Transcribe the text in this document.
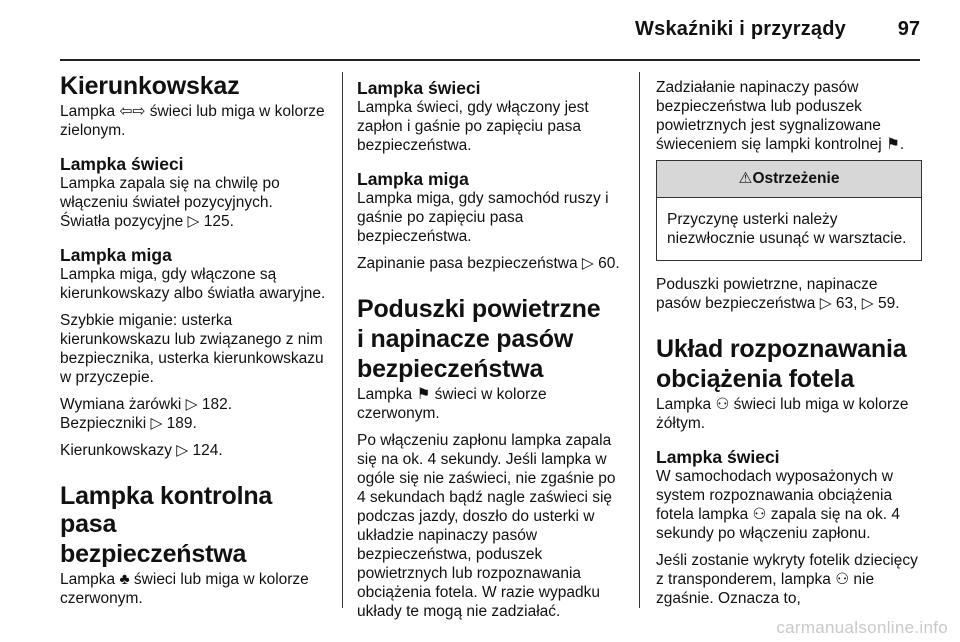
Wskaźniki i przyrządy	97
Kierunkowskaz

Lampka ⇦⇨ świeci lub miga w kolorze zielonym.

Lampka świeci

Lampka zapala się na chwilę po włączeniu świateł pozycyjnych. Światła pozycyjne ▷ 125.

Lampka miga

Lampka miga, gdy włączone są kierunkowskazy albo światła awaryjne.

Szybkie miganie: usterka kierunkowskazu lub związanego z nim bezpiecznika, usterka kierunkowskazu w przyczepie.

Wymiana żarówki ▷ 182.

Bezpieczniki ▷ 189.

Kierunkowskazy ▷ 124.

Lampka kontrolna pasa
bezpieczeństwa

Lampka ♣ świeci lub miga w kolorze czerwonym.

Lampka świeci

Lampka świeci, gdy włączony jest zapłon i gaśnie po zapięciu pasa bezpieczeństwa.

Lampka miga

Lampka miga, gdy samochód ruszy i gaśnie po zapięciu pasa bezpieczeństwa.

Zapinanie pasa bezpieczeństwa ▷ 60.

Poduszki powietrzne
i napinacze pasów
bezpieczeństwa

Lampka ⚑ świeci w kolorze czerwonym.

Po włączeniu zapłonu lampka zapala się na ok. 4 sekundy. Jeśli lampka w ogóle się nie zaświeci, nie zgaśnie po 4 sekundach bądź nagle zaświeci się podczas jazdy, doszło do usterki w układzie napinaczy pasów bezpieczeństwa, poduszek powietrznych lub rozpoznawania obciążenia fotela. W razie wypadku układy te mogą nie zadziałać.

Zadziałanie napinaczy pasów bezpieczeństwa lub poduszek powietrznych jest sygnalizowane świeceniem się lampki kontrolnej ⚑.

⚠Ostrzeżenie

Przyczynę usterki należy niezwłocznie usunąć w warsztacie.

Poduszki powietrzne, napinacze pasów bezpieczeństwa ▷ 63, ▷ 59.

Układ rozpoznawania
obciążenia fotela

Lampka ⚇ świeci lub miga w kolorze żółtym.

Lampka świeci

W samochodach wyposażonych w system rozpoznawania obciążenia fotela lampka ⚇ zapala się na ok. 4 sekundy po włączeniu zapłonu.

Jeśli zostanie wykryty fotelik dziecięcy z transponderem, lampka ⚇ nie zgaśnie. Oznacza to,

carmanualsonline.info
